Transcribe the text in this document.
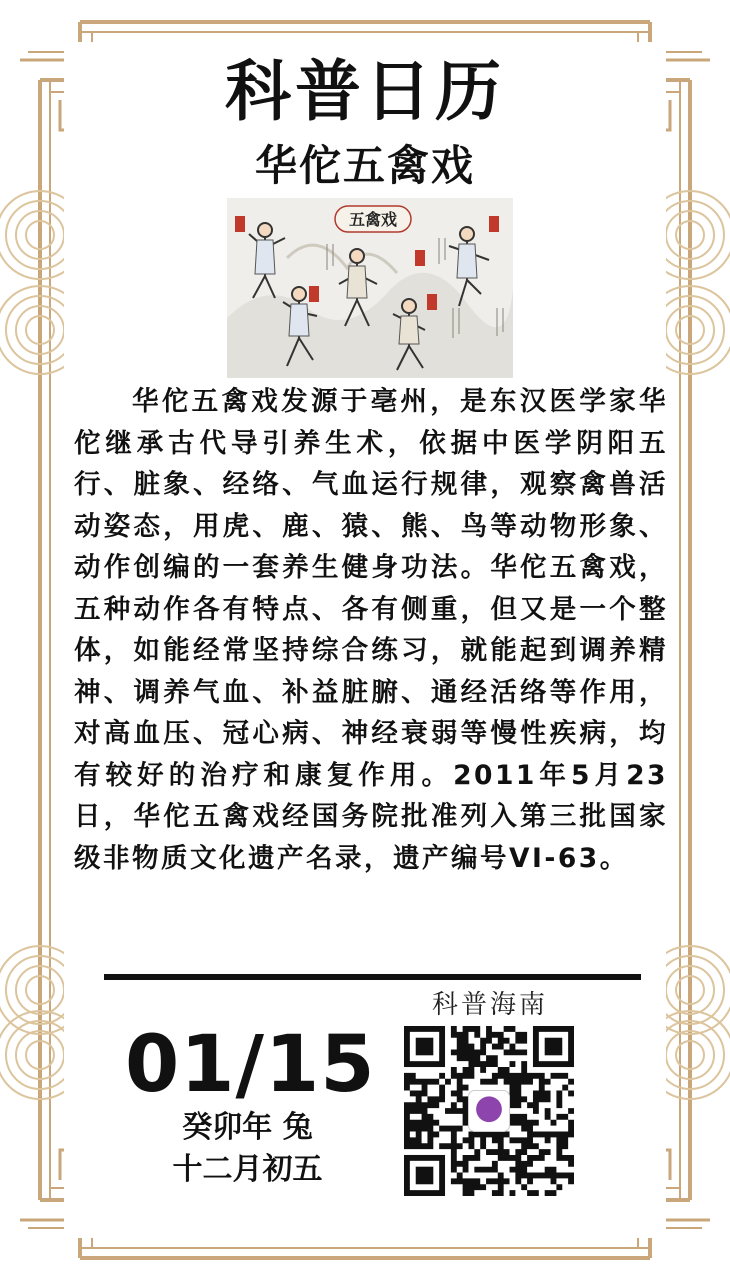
科普日历
华佗五禽戏
五禽戏

华佗五禽戏发源于亳州，是东汉医学家华佗继承古代导引养生术，依据中医学阴阳五行、脏象、经络、气血运行规律，观察禽兽活动姿态，用虎、鹿、猿、熊、鸟等动物形象、动作创编的一套养生健身功法。华佗五禽戏，五种动作各有特点、各有侧重，但又是一个整体，如能经常坚持综合练习，就能起到调养精神、调养气血、补益脏腑、通经活络等作用，对高血压、冠心病、神经衰弱等慢性疾病，均有较好的治疗和康复作用。2011年5月23日，华佗五禽戏经国务院批准列入第三批国家级非物质文化遗产名录，遗产编号VI-63。

01/15
癸卯年 兔
十二月初五
科普海南
